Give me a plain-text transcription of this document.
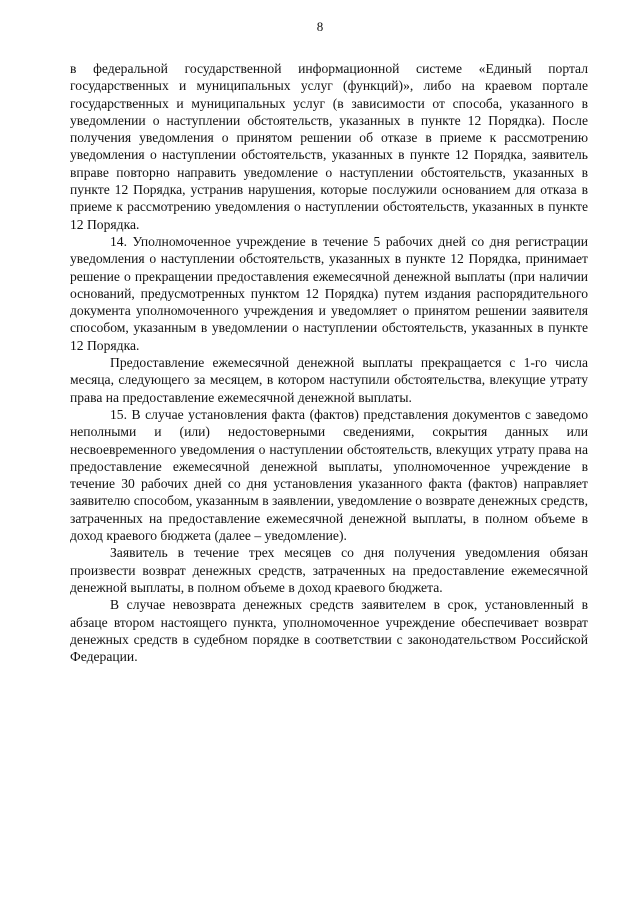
8

в федеральной государственной информационной системе «Единый портал государственных и муниципальных услуг (функций)», либо на краевом портале государственных и муниципальных услуг (в зависимости от способа, указанного в уведомлении о наступлении обстоятельств, указанных в пункте 12 Порядка). После получения уведомления о принятом решении об отказе в приеме к рассмотрению уведомления о наступлении обстоятельств, указанных в пункте 12 Порядка, заявитель вправе повторно направить уведомление о наступлении обстоятельств, указанных в пункте 12 Порядка, устранив нарушения, которые послужили основанием для отказа в приеме к рассмотрению уведомления о наступлении обстоятельств, указанных в пункте 12 Порядка.

14. Уполномоченное учреждение в течение 5 рабочих дней со дня регистрации уведомления о наступлении обстоятельств, указанных в пункте 12 Порядка, принимает решение о прекращении предоставления ежемесячной денежной выплаты (при наличии оснований, предусмотренных пунктом 12 Порядка) путем издания распорядительного документа уполномоченного учреждения и уведомляет о принятом решении заявителя способом, указанным в уведомлении о наступлении обстоятельств, указанных в пункте 12 Порядка.

Предоставление ежемесячной денежной выплаты прекращается с 1-го числа месяца, следующего за месяцем, в котором наступили обстоятельства, влекущие утрату права на предоставление ежемесячной денежной выплаты.

15. В случае установления факта (фактов) представления документов с заведомо неполными и (или) недостоверными сведениями, сокрытия данных или несвоевременного уведомления о наступлении обстоятельств, влекущих утрату права на предоставление ежемесячной денежной выплаты, уполномоченное учреждение в течение 30 рабочих дней со дня установления указанного факта (фактов) направляет заявителю способом, указанным в заявлении, уведомление о возврате денежных средств, затраченных на предоставление ежемесячной денежной выплаты, в полном объеме в доход краевого бюджета (далее – уведомление).

Заявитель в течение трех месяцев со дня получения уведомления обязан произвести возврат денежных средств, затраченных на предоставление ежемесячной денежной выплаты, в полном объеме в доход краевого бюджета.

В случае невозврата денежных средств заявителем в срок, установленный в абзаце втором настоящего пункта, уполномоченное учреждение обеспечивает возврат денежных средств в судебном порядке в соответствии с законодательством Российской Федерации.
